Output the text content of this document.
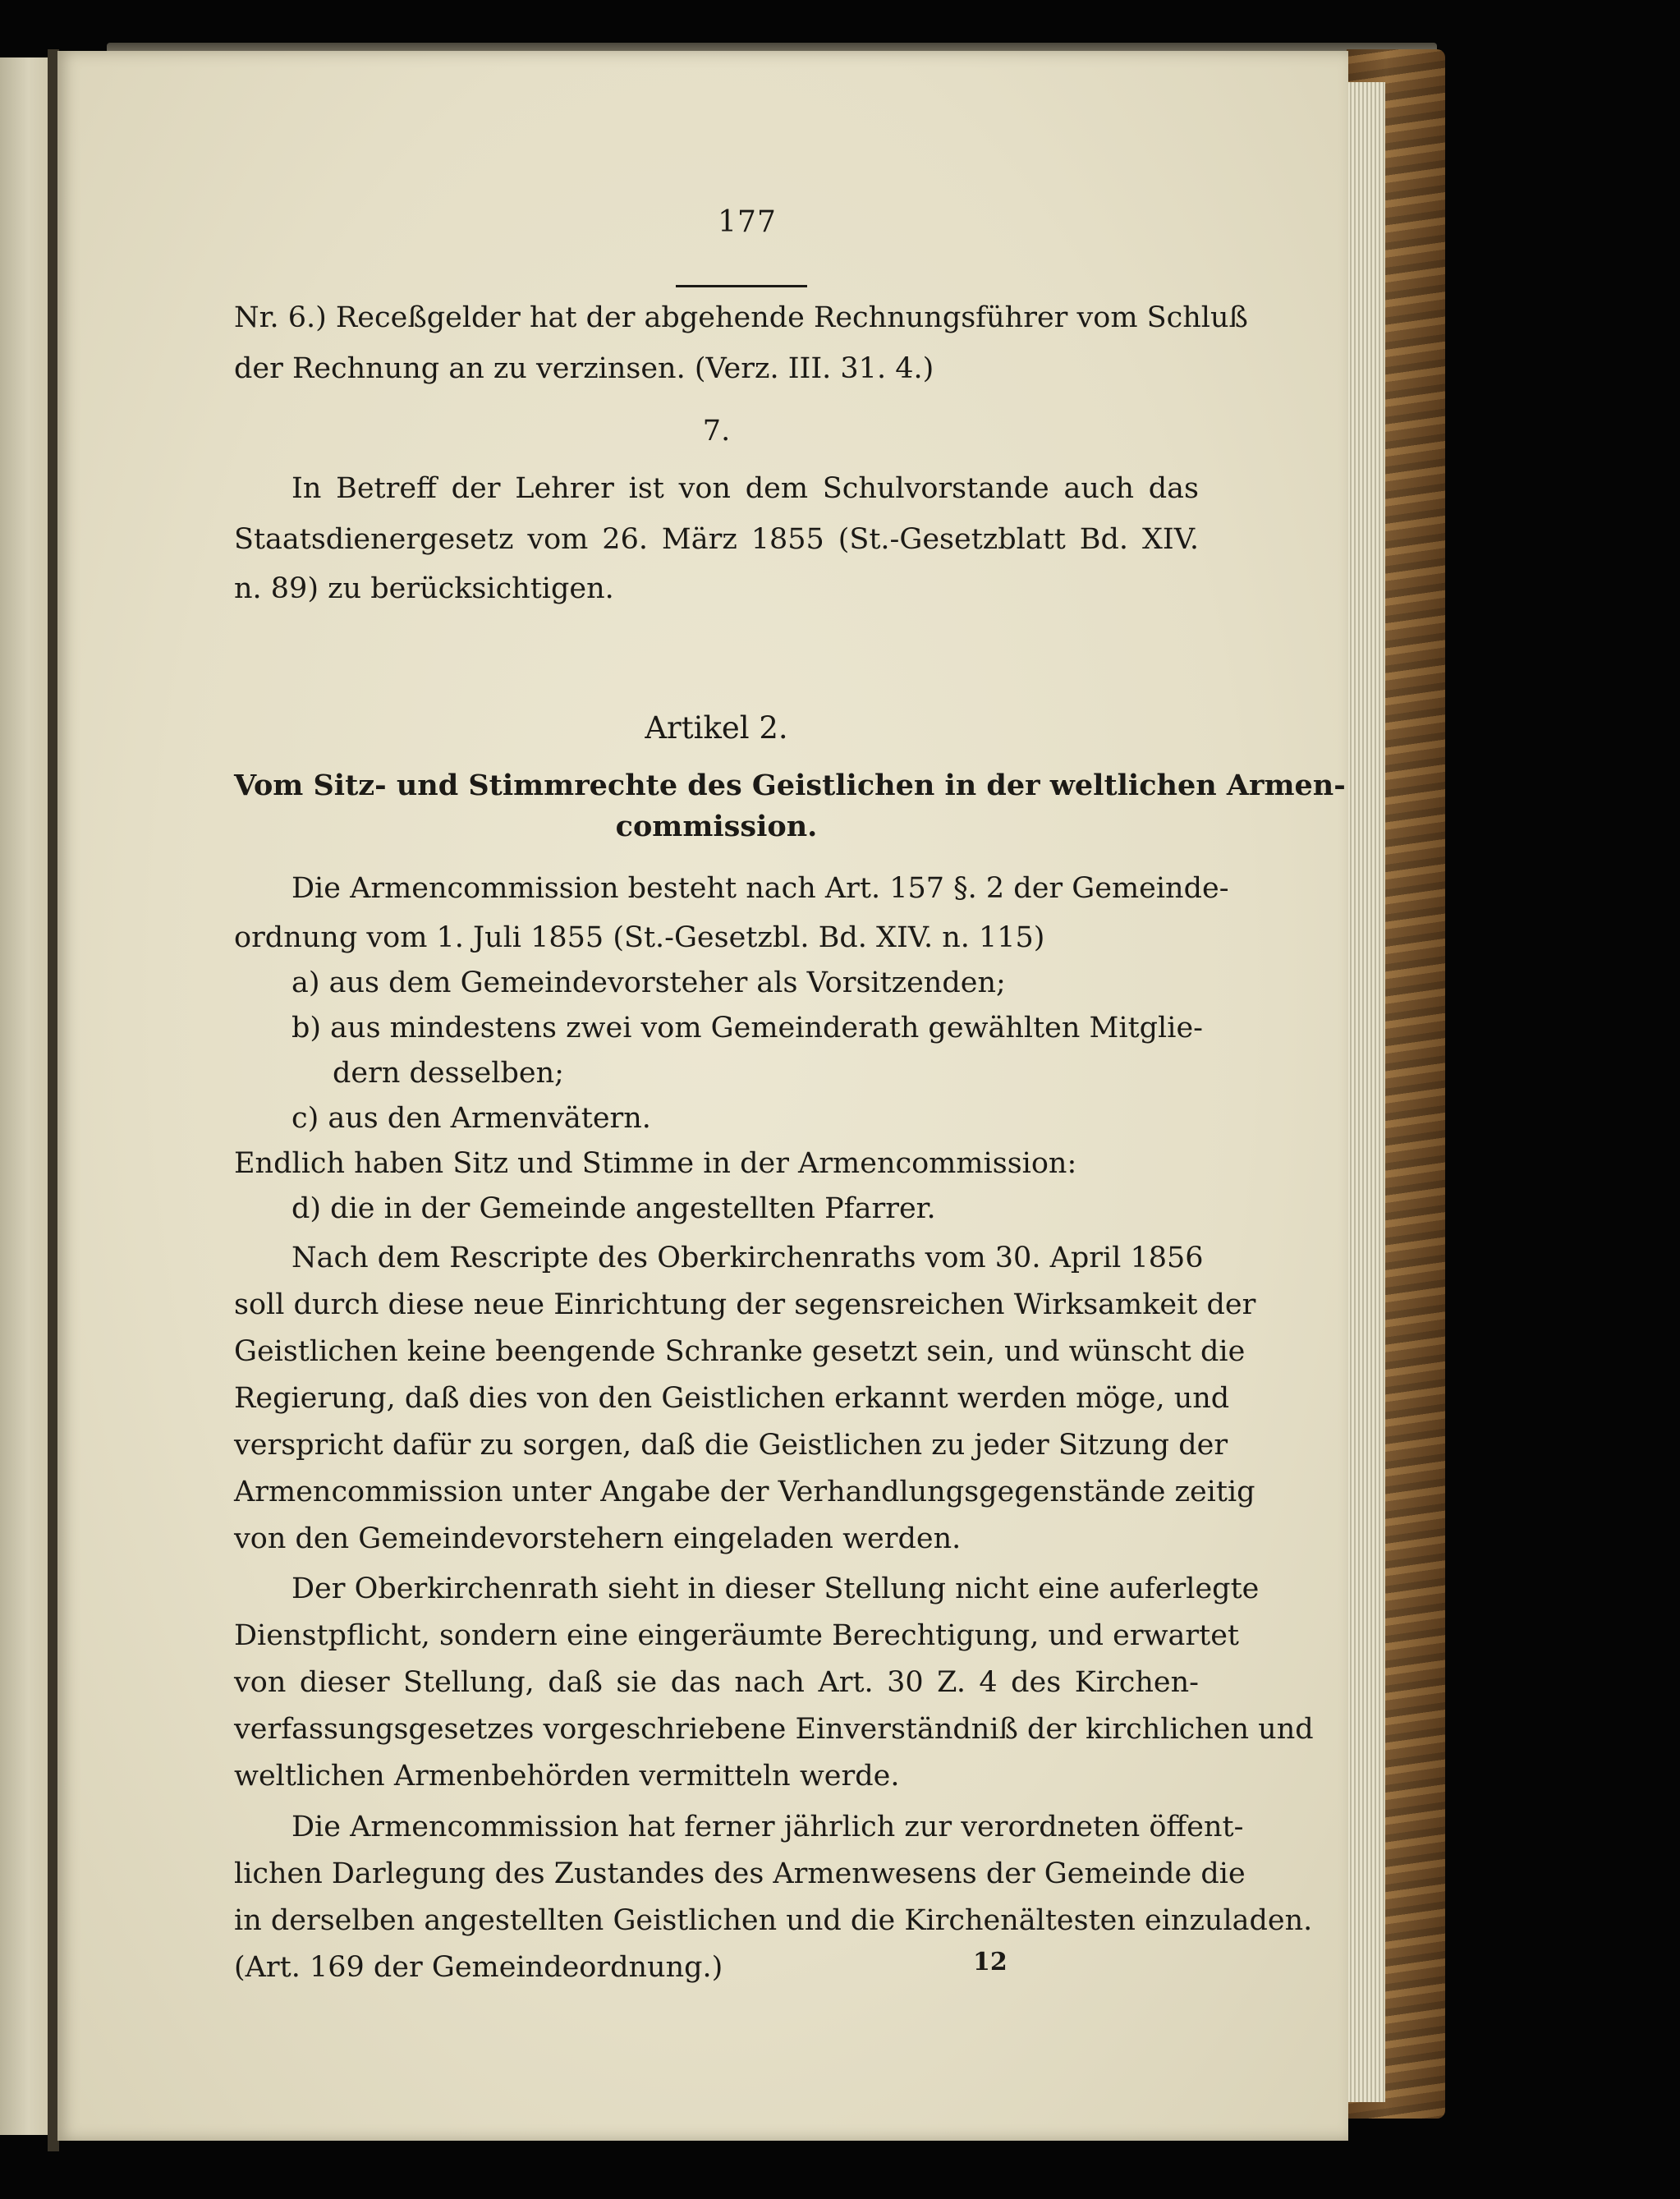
177
Nr. 6.) Receßgelder hat der abgehende Rechnungsführer vom Schluß
der Rechnung an zu verzinsen. (Verz. III. 31. 4.)
7.
In Betreff der Lehrer ist von dem Schulvorstande auch das
Staatsdienergesetz vom 26. März 1855 (St.-Gesetzblatt Bd. XIV.
n. 89) zu berücksichtigen.
Artikel 2.
Vom Sitz- und Stimmrechte des Geistlichen in der weltlichen Armen-
commission.
Die Armencommission besteht nach Art. 157 §. 2 der Gemeinde-
ordnung vom 1. Juli 1855 (St.-Gesetzbl. Bd. XIV. n. 115)
a) aus dem Gemeindevorsteher als Vorsitzenden;
b) aus mindestens zwei vom Gemeinderath gewählten Mitglie-
dern desselben;
c) aus den Armenvätern.
Endlich haben Sitz und Stimme in der Armencommission:
d) die in der Gemeinde angestellten Pfarrer.
Nach dem Rescripte des Oberkirchenraths vom 30. April 1856
soll durch diese neue Einrichtung der segensreichen Wirksamkeit der
Geistlichen keine beengende Schranke gesetzt sein, und wünscht die
Regierung, daß dies von den Geistlichen erkannt werden möge, und
verspricht dafür zu sorgen, daß die Geistlichen zu jeder Sitzung der
Armencommission unter Angabe der Verhandlungsgegenstände zeitig
von den Gemeindevorstehern eingeladen werden.
Der Oberkirchenrath sieht in dieser Stellung nicht eine auferlegte
Dienstpflicht, sondern eine eingeräumte Berechtigung, und erwartet
von dieser Stellung, daß sie das nach Art. 30 Z. 4 des Kirchen-
verfassungsgesetzes vorgeschriebene Einverständniß der kirchlichen und
weltlichen Armenbehörden vermitteln werde.
Die Armencommission hat ferner jährlich zur verordneten öffent-
lichen Darlegung des Zustandes des Armenwesens der Gemeinde die
in derselben angestellten Geistlichen und die Kirchenältesten einzuladen.
(Art. 169 der Gemeindeordnung.)	12
